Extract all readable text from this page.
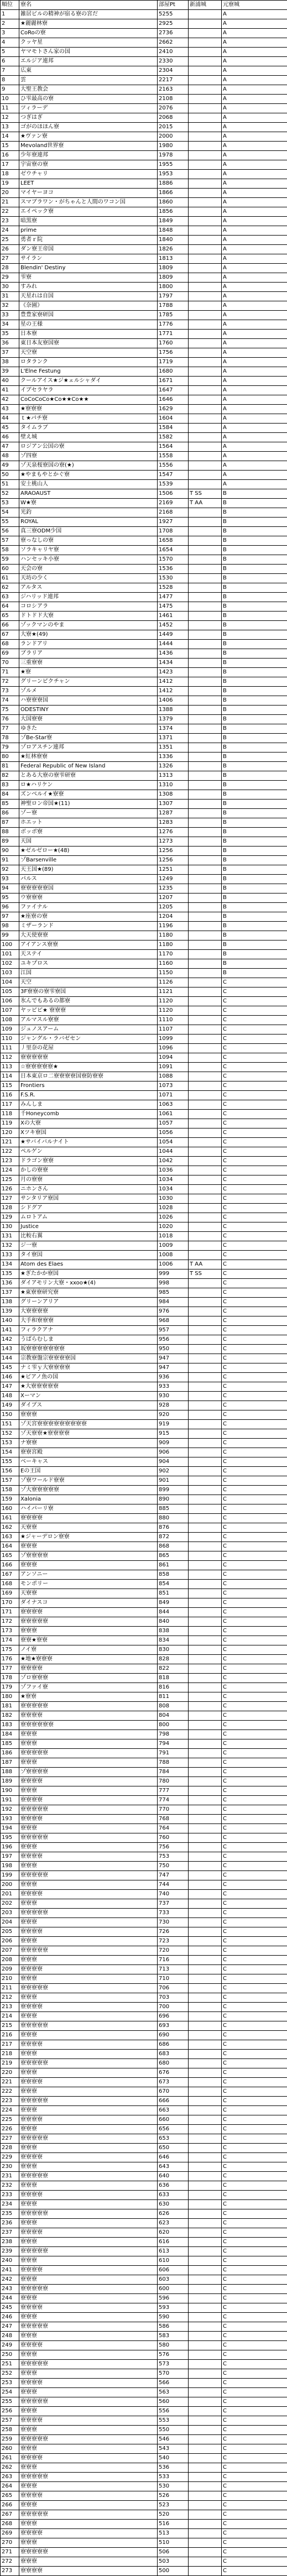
順位	寮名	部屋Pt	新浦城	元寮城
1	雑居ビルの精神が宿る寮の宮だ	5255		A
2	★麗麗林寮	2925		A
3	CoRoの寮	2736		A
4	クッヤ星	2662		A
5	ヤマモトさん家の国	2410		A
6	エルジア連邦	2330		A
7	広東	2304		A
8	雲	2217		A
9	大聖王教会	2163		A
10	ひ雫最高の寮	2108		A
11	ツィラーデ	2076		A
12	つぎはぎ	2068		A
13	ゴがのほほん寮	2015		A
14	★ヴァン寮	2000		A
15	Mevoland世界寮	1980		A
16	少年寮連邦	1978		A
17	宇宙寮の寮	1955		A
18	ゼウチャリ	1953		A
19	LEET	1886		A
20	マイヤーヨコ	1866		A
21	スマブラワン・がちゃんと人間のワコン国	1860		A
22	エイペック寮	1856		A
23	暗黒寮	1849		A
24	prime	1848		A
25	勇者ｒ院	1840		A
26	ダン寮王帝国	1826		A
27	サイラン	1813		A
28	Blendin' Destiny	1809		A
29	雫寮	1809		A
30	すみれ	1800		A
31	天星れは自国	1797		A
32	《奈園》	1788		A
33	豊豊家寮研国	1785		A
34	星の王様	1776		A
35	日本寮	1771		A
36	東日本友寮国寮	1760		A
37	天空寮	1756		A
38	ロタランク	1719		A
39	L'Elne Festung	1680		A
40	クールアイス★ジ★ェルシャダイ	1671		A
41	イブセラヤラ	1647		A
42	CoCoCoCo★Co★★Co★★	1646		A
43	★寮寮寮	1629		A
44	ｔ★パチ寮	1604		A
45	タイムラブ	1584		A
46	壁え城	1582		A
47	ロジアン公国の寮	1564		A
48	ゾ四寮	1558		A
49	ゾ天泉桜寮国の寮(★)	1556		A
50	★やまもやとかぐ寮	1547		A
51	安土桃山人	1539		A
52	ARAOAUST	1506	T SS	B
53	W★寮	2169	T AA	B
54	光釣	2168		B
55	ROYAL	1927		B
56	真三寮ODM少国	1708		B
57	寮っなしの寮	1658		B
58	ソラキャリヤ寮	1654		B
59	ハンセッキ小寮	1570		B
60	天会の寮	1536		B
61	天坊の少く	1530		B
62	アルタス	1528		B
63	ジハリッド連邦	1477		B
64	コロシアラ	1475		B
65	ドトドド大寮	1461		B
66	ゾックマンのやま	1452		B
67	大寮★(49)	1449		B
68	ランドアリ	1444		B
69	ブラリア	1436		B
70	三重寮寮	1434		B
71	★寮	1423		B
72	グリーンピクチャン	1412		B
73	ゾルメ	1412		B
74	ハ寮寮寮国	1406		B
75	ODESTINY	1388		B
76	大国寮寮	1379		B
77	ゆきた	1374		B
78	ゾBe-Star寮	1371		B
79	ゾロアスチン連邦	1351		B
80	★紅林寮寮	1336		B
81	Federal Republic of New Island	1326		B
82	とある大寮の寮雫研寮	1313		B
83	ロ★ハリケン	1310		B
84	ズンベルイ★寮寮	1308		B
85	神聖ロン帝国★(11)	1307		B
86	ゾー寮	1287		B
87	ホエット	1283		B
88	ボッポ寮	1276		B
89	天国	1273		B
90	★ゼルゼロー★(48)	1256		B
91	ゾBarsenville	1256		B
92	天王国★(89)	1251		B
93	パルス	1249		B
94	寮寮寮寮寮国	1235		B
95	ウ寮寮寮	1207		B
96	ファイナル	1205		B
97	★座寮の寮	1204		B
98	ミザーランド	1196		B
99	大天使寮寮	1180		B
100	アイアンス寮寮	1180		B
101	天ステイ	1170		B
102	ユキプロス	1160		B
103	江国	1150		B
104	天空	1126		C
105	3F寮寮の寮雫寮国	1121		C
106	氷んでもあるの都寮	1120		C
107	ヤッピピ★ 寮寮寮	1120		C
108	アルマスル寮寮	1110		C
109	ジュノスアーム	1107		C
110	ジャングル・ラバゼセン	1099		C
111	丿里奈の花屋	1096		C
112	寮寮寮寮寮	1094		C
113	☆寮寮寮寮寮★	1091		C
114	日本東京ロ二寮寮寮寮国寮防寮寮	1088		C
115	Frontiers	1073		C
116	F.S.R.	1071		C
117	みんしま	1063		C
118	千Honeycomb	1061		C
119	Xの大寮	1057		C
120	Xツキ寮国	1056		C
121	★サバイバルナイト	1054		C
122	ペルゲン	1044		C
123	ドラゴン寮寮	1042		C
124	かしの寮寮	1036		C
125	月の寮寮	1034		C
126	ニホンさん	1034		C
127	サンタリア寮国	1030		C
128	シドグア	1028		C
129	ムロトアム	1026		C
130	Justice	1020		C
131	比較右翼	1018		C
132	ジ一寮	1009		C
133	タイ寮国	1008		C
134	Atom des Elaes	1006	T AA	C
135	★ぎたかか寮国	999	T SS	C
136	ダイアモリン大寮・xxoo★(4)	998		C
137	★東寮寮研究寮	985		C
138	グリーンアリア	984		C
139	大寮寮寮寮	976		C
140	大手和寮寮寮	968		C
141	フィラクアナ	957		C
142	うばらむしま	956		C
143	坂寮寮寮寮寮寮寮	950		C
144	宗教寮盤宗寮寮寮寮国	947		C
145	ナミ雫ｙ大寮寮寮寮	947		C
146	★ビアノ魚の国	936		C
147	★大寮寮寮寮寮	933		C
148	Xーマン	930		C
149	ダイブス	928		C
150	寮寮寮	920		C
151	ゾ天宮寮寮寮寮寮寮寮寮寮	919		C
152	ゾ天寮寮★寮寮寮寮	915		C
153	ナ寮寮	909		C
154	寮寮宮殿	906		C
155	ベーキャス	904		C
156	Eの王国	902		C
157	ゾ寮ワールド寮寮	901		C
158	ゾ大寮寮寮寮寮	899		C
159	Xalonia	890		C
160	ハイパーリ寮	885		C
161	寮寮寮寮	880		C
162	天寮寮	876		C
163	★ジャーデロン寮寮	872		C
164	寮寮寮	868		C
165	ゾ寮寮寮寮	865		C
166	寮寮寮	861		C
167	アンソニー	858		C
168	モンポリー	854		C
169	天寮寮	851		C
170	ダイナスコ	849		C
171	寮寮寮寮	844		C
172	寮寮寮寮寮	840		C
173	寮寮寮	838		C
174	寮寮★寮寮	834		C
175	ノイ寮	830		C
176	★地★寮寮寮	828		C
177	寮寮寮寮	822		C
178	ゾロ寮寮寮	818		C
179	ゾファイ寮	816		C
180	★寮寮	811		C
181	寮寮寮寮寮	808		C
182	寮寮寮寮	804		C
183	寮寮寮寮寮寮	800		C
184	寮寮寮	798		C
185	寮寮寮	794		C
186	寮寮寮寮寮	791		C
187	寮寮寮	788		C
188	ゾ寮寮寮寮	784		C
189	寮寮寮寮	780		C
190	寮寮寮	777		C
191	寮寮寮寮	774		C
192	寮寮寮寮寮	770		C
193	寮寮寮寮	768		C
194	寮寮寮	764		C
195	寮寮寮寮寮	760		C
196	寮寮寮	756		C
197	寮寮寮寮	753		C
198	寮寮寮	750		C
199	寮寮寮寮寮	747		C
200	寮寮寮	744		C
201	寮寮寮寮	740		C
202	寮寮寮	737		C
203	寮寮寮寮寮	733		C
204	寮寮寮	730		C
205	寮寮寮寮	726		C
206	寮寮寮	723		C
207	寮寮寮寮寮	720		C
208	寮寮寮	716		C
209	寮寮寮寮	713		C
210	寮寮寮	710		C
211	寮寮寮寮寮	706		C
212	寮寮寮	703		C
213	寮寮寮寮	700		C
214	寮寮寮	696		C
215	寮寮寮寮寮	693		C
216	寮寮寮	690		C
217	寮寮寮寮	686		C
218	寮寮寮	683		C
219	寮寮寮寮寮	680		C
220	寮寮寮	676		C
221	寮寮寮寮	673		C
222	寮寮寮	670		C
223	寮寮寮寮寮	666		C
224	寮寮寮	663		C
225	寮寮寮寮	660		C
226	寮寮寮	656		C
227	寮寮寮寮寮	653		C
228	寮寮寮	650		C
229	寮寮寮寮	646		C
230	寮寮寮	643		C
231	寮寮寮寮寮	640		C
232	寮寮寮	636		C
233	寮寮寮寮	633		C
234	寮寮寮	630		C
235	寮寮寮寮寮	626		C
236	寮寮寮	623		C
237	寮寮寮寮	620		C
238	寮寮寮	616		C
239	寮寮寮寮寮	613		C
240	寮寮寮	610		C
241	寮寮寮寮	606		C
242	寮寮寮	603		C
243	寮寮寮寮寮	600		C
244	寮寮寮	596		C
245	寮寮寮寮	593		C
246	寮寮寮	590		C
247	寮寮寮寮寮	586		C
248	寮寮寮	583		C
249	寮寮寮寮	580		C
250	寮寮寮	576		C
251	寮寮寮寮寮	573		C
252	寮寮寮	570		C
253	寮寮寮寮	566		C
254	寮寮寮	563		C
255	寮寮寮寮寮	560		C
256	寮寮寮	556		C
257	寮寮寮寮	553		C
258	寮寮寮	550		C
259	寮寮寮寮寮	546		C
260	寮寮寮	543		C
261	寮寮寮寮	540		C
262	寮寮寮	536		C
263	寮寮寮寮寮	533		C
264	寮寮寮	530		C
265	寮寮寮寮	526		C
266	寮寮寮	523		C
267	寮寮寮寮寮	520		C
268	寮寮寮	516		C
269	寮寮寮寮	513		C
270	寮寮寮	510		C
271	寮寮寮寮寮	506		C
272	寮寮寮	503		C
273	寮寮寮寮	500		C
